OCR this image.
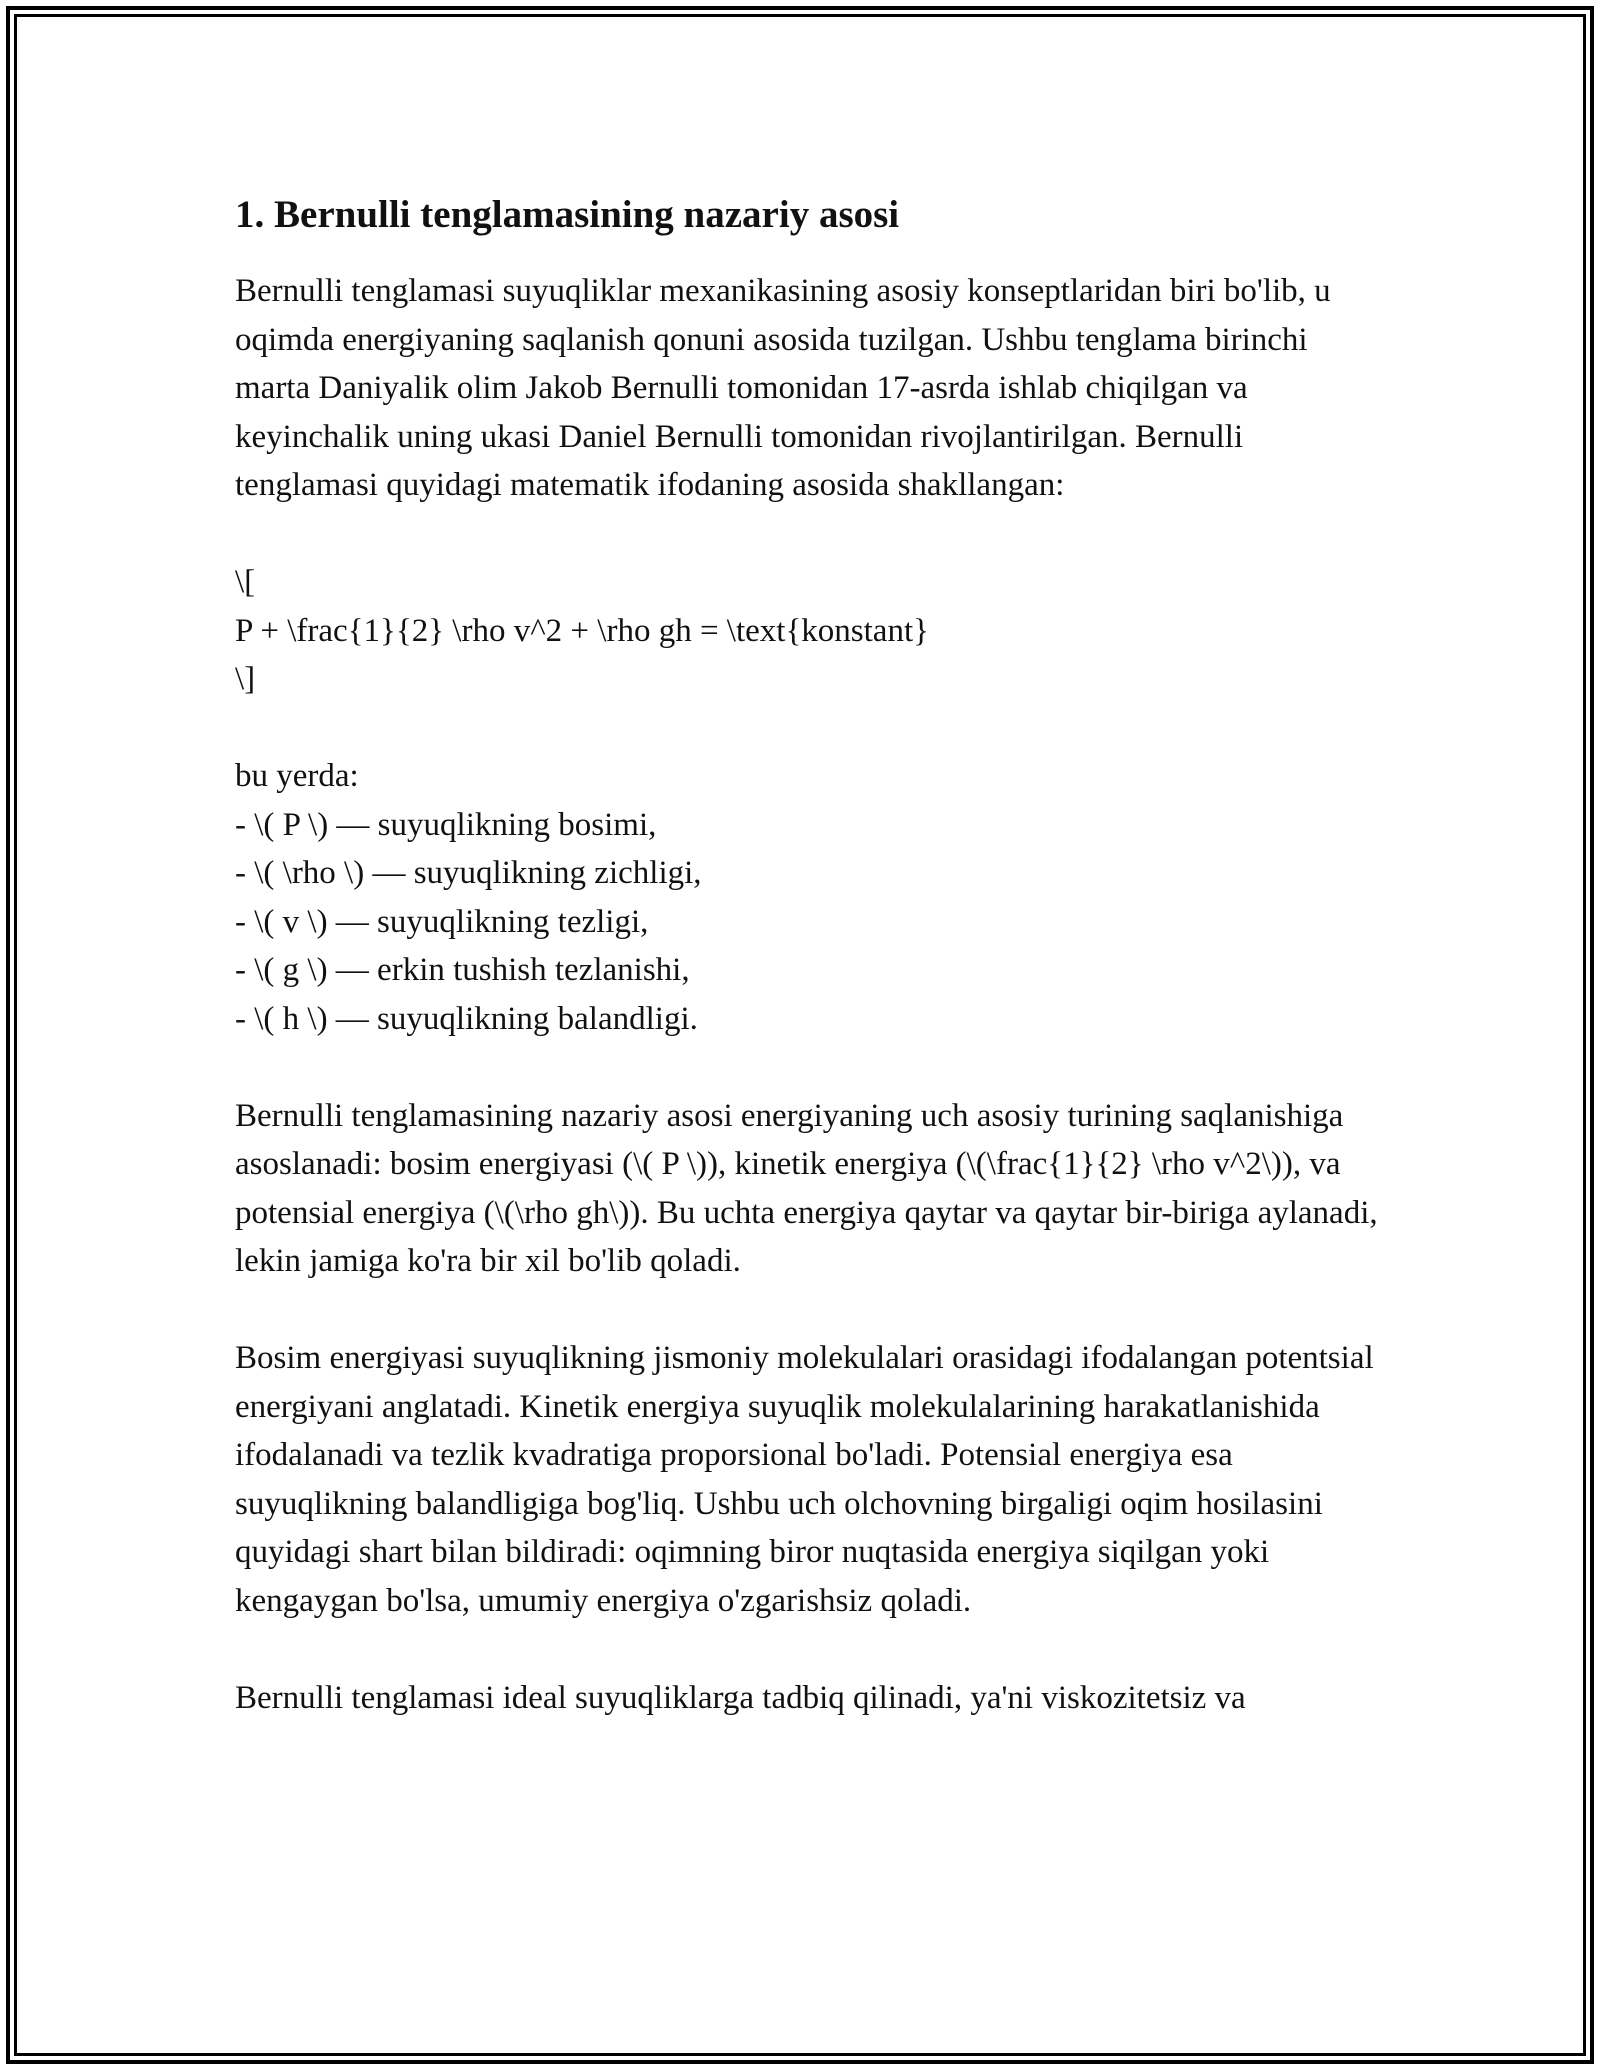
1. Bernulli tenglamasining nazariy asosi

Bernulli tenglamasi suyuqliklar mexanikasining asosiy konseptlaridan biri bo'lib, u oqimda energiyaning saqlanish qonuni asosida tuzilgan. Ushbu tenglama birinchi marta Daniyalik olim Jakob Bernulli tomonidan 17-asrda ishlab chiqilgan va keyinchalik uning ukasi Daniel Bernulli tomonidan rivojlantirilgan. Bernulli tenglamasi quyidagi matematik ifodaning asosida shakllangan:

\[
P + \frac{1}{2} \rho v^2 + \rho gh = \text{konstant}
\]

bu yerda:
- \( P \) — suyuqlikning bosimi,
- \( \rho \) — suyuqlikning zichligi,
- \( v \) — suyuqlikning tezligi,
- \( g \) — erkin tushish tezlanishi,
- \( h \) — suyuqlikning balandligi.

Bernulli tenglamasining nazariy asosi energiyaning uch asosiy turining saqlanishiga asoslanadi: bosim energiyasi (\( P \)), kinetik energiya (\(\frac{1}{2} \rho v^2\)), va potensial energiya (\(\rho gh\)). Bu uchta energiya qaytar va qaytar bir-biriga aylanadi, lekin jamiga ko'ra bir xil bo'lib qoladi.

Bosim energiyasi suyuqlikning jismoniy molekulalari orasidagi ifodalangan potentsial energiyani anglatadi. Kinetik energiya suyuqlik molekulalarining harakatlanishida ifodalanadi va tezlik kvadratiga proporsional bo'ladi. Potensial energiya esa suyuqlikning balandligiga bog'liq. Ushbu uch olchovning birgaligi oqim hosilasini quyidagi shart bilan bildiradi: oqimning biror nuqtasida energiya siqilgan yoki kengaygan bo'lsa, umumiy energiya o'zgarishsiz qoladi.

Bernulli tenglamasi ideal suyuqliklarga tadbiq qilinadi, ya'ni viskozitetsiz va
